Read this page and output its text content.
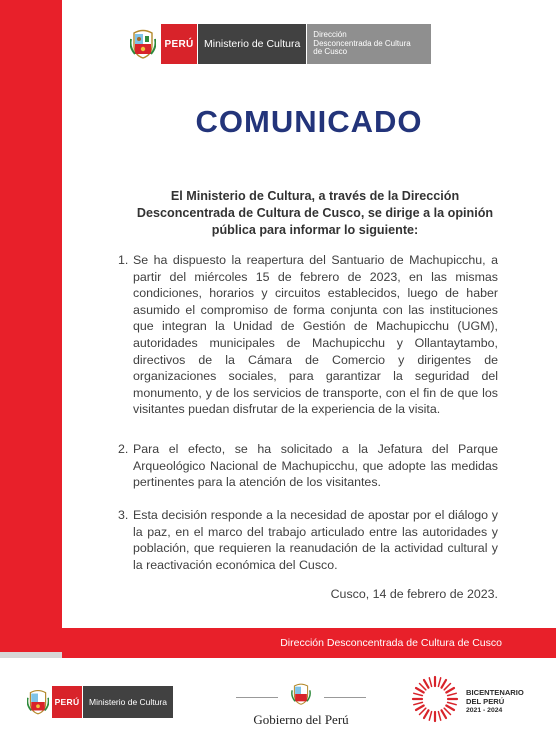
PERÚ	Ministerio de Cultura
Dirección
Desconcentrada de Cultura
de Cusco
COMUNICADO
El Ministerio de Cultura, a través de la Dirección Desconcentrada de Cultura de Cusco, se dirige a la opinión pública para informar lo siguiente:
1. Se ha dispuesto la reapertura del Santuario de Machupicchu, a partir del miércoles 15 de febrero de 2023, en las mismas condiciones, horarios y circuitos establecidos, luego de haber asumido el compromiso de forma conjunta con las instituciones que integran la Unidad de Gestión de Machupicchu (UGM), autoridades municipales de Machupicchu y Ollantaytambo, directivos de la Cámara de Comercio y dirigentes de organizaciones sociales, para garantizar la seguridad del monumento, y de los servicios de transporte, con el fin de que los visitantes puedan disfrutar de la experiencia de la visita.
2. Para el efecto, se ha solicitado a la Jefatura del Parque Arqueológico Nacional de Machupicchu, que adopte las medidas pertinentes para la atención de los visitantes.
3. Esta decisión responde a la necesidad de apostar por el diálogo y la paz, en el marco del trabajo articulado entre las autoridades y población, que requieren la reanudación de la actividad cultural y la reactivación económica del Cusco.
Cusco, 14 de febrero de 2023.
Dirección Desconcentrada de Cultura de Cusco
PERÚ	Ministerio de Cultura
Gobierno del Perú
BICENTENARIO
DEL PERÚ
2021 - 2024
